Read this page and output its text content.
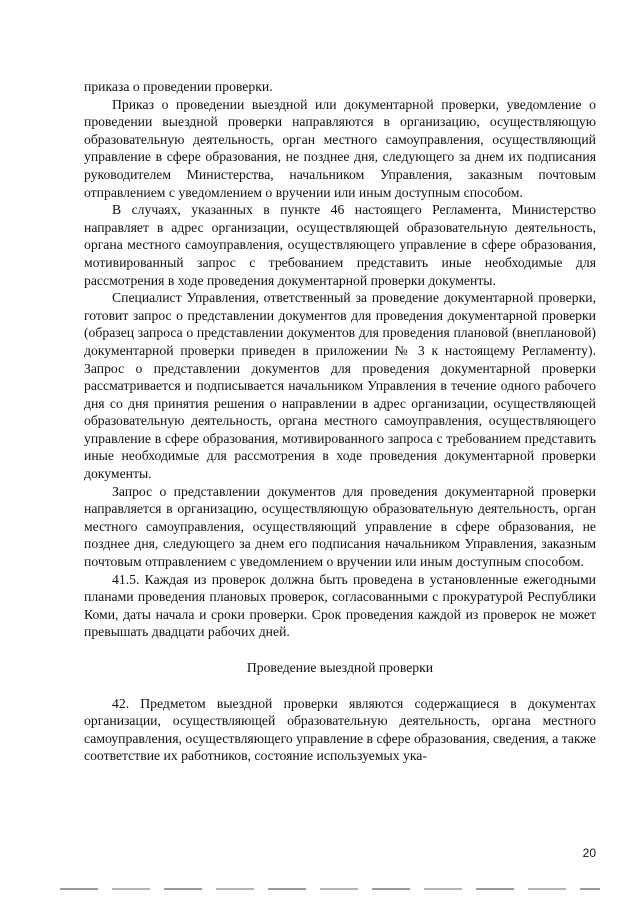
приказа о проведении проверки.

Приказ о проведении выездной или документарной проверки, уведомление о проведении выездной проверки направляются в организацию, осуществляющую образовательную деятельность, орган местного самоуправления, осуществляющий управление в сфере образования, не позднее дня, следующего за днем их подписания руководителем Министерства, начальником Управления, заказным почтовым отправлением с уведомлением о вручении или иным доступным способом.

В случаях, указанных в пункте 46 настоящего Регламента, Министерство направляет в адрес организации, осуществляющей образовательную деятельность, органа местного самоуправления, осуществляющего управление в сфере образования, мотивированный запрос с требованием представить иные необходимые для рассмотрения в ходе проведения документарной проверки документы.

Специалист Управления, ответственный за проведение документарной проверки, готовит запрос о представлении документов для проведения документарной проверки (образец запроса о представлении документов для проведения плановой (внеплановой) документарной проверки приведен в приложении № 3 к настоящему Регламенту). Запрос о представлении документов для проведения документарной проверки рассматривается и подписывается начальником Управления в течение одного рабочего дня со дня принятия решения о направлении в адрес организации, осуществляющей образовательную деятельность, органа местного самоуправления, осуществляющего управление в сфере образования, мотивированного запроса с требованием представить иные необходимые для рассмотрения в ходе проведения документарной проверки документы.

Запрос о представлении документов для проведения документарной проверки направляется в организацию, осуществляющую образовательную деятельность, орган местного самоуправления, осуществляющий управление в сфере образования, не позднее дня, следующего за днем его подписания начальником Управления, заказным почтовым отправлением с уведомлением о вручении или иным доступным способом.

41.5. Каждая из проверок должна быть проведена в установленные ежегодными планами проведения плановых проверок, согласованными с прокуратурой Республики Коми, даты начала и сроки проверки. Срок проведения каждой из проверок не может превышать двадцати рабочих дней.

Проведение выездной проверки

42. Предметом выездной проверки являются содержащиеся в документах организации, осуществляющей образовательную деятельность, органа местного самоуправления, осуществляющего управление в сфере образования, сведения, а также соответствие их работников, состояние используемых ука-

20
